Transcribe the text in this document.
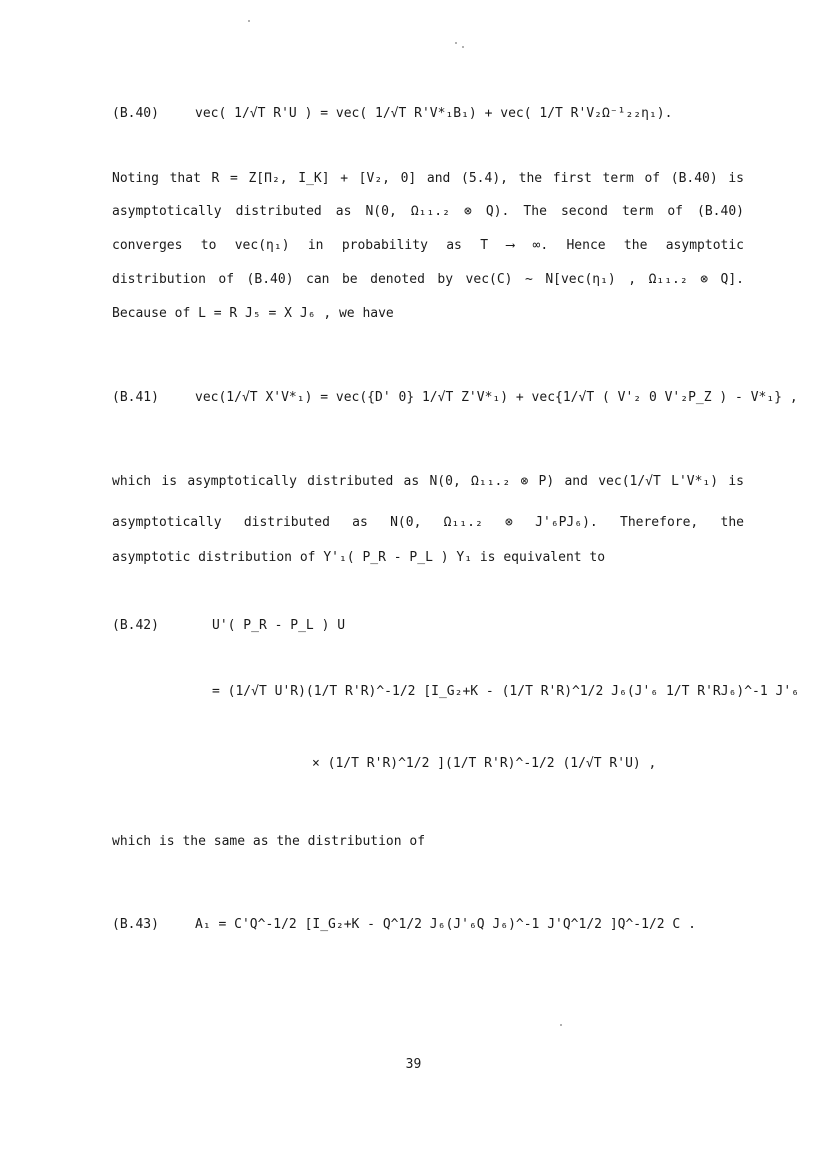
(B.40)	vec( 1/√T R'U ) = vec( 1/√T R'V*₁B₁) + vec( 1/T R'V₂Ω⁻¹₂₂η₁).
Noting that R = Z[Π₂, I_K] + [V₂, 0] and (5.4), the first term of (B.40) is
asymptotically distributed as N(0, Ω₁₁.₂ ⊗ Q). The second term of (B.40)
converges to vec(η₁) in probability as T ⟶ ∞. Hence the asymptotic
distribution of (B.40) can be denoted by vec(C) ~ N[vec(η₁) , Ω₁₁.₂ ⊗ Q].
Because of L = R J₅ = X J₆ , we have
(B.41)	vec(1/√T X'V*₁) = vec({D' 0} 1/√T Z'V*₁) + vec{1/√T ( V'₂ 0 V'₂P_Z ) - V*₁} ,
which is asymptotically distributed as N(0, Ω₁₁.₂ ⊗ P) and vec(1/√T L'V*₁) is
asymptotically distributed as N(0, Ω₁₁.₂ ⊗ J'₆PJ₆). Therefore, the
asymptotic distribution of Y'₁( P_R - P_L ) Y₁ is equivalent to
(B.42)	U'( P_R - P_L ) U
= (1/√T U'R)(1/T R'R)^-1/2 [I_G₂+K - (1/T R'R)^1/2 J₆(J'₆ 1/T R'RJ₆)^-1 J'₆
× (1/T R'R)^1/2 ](1/T R'R)^-1/2 (1/√T R'U) ,
which is the same as the distribution of
(B.43)	A₁ = C'Q^-1/2 [I_G₂+K - Q^1/2 J₆(J'₆Q J₆)^-1 J'Q^1/2 ]Q^-1/2 C .
39
